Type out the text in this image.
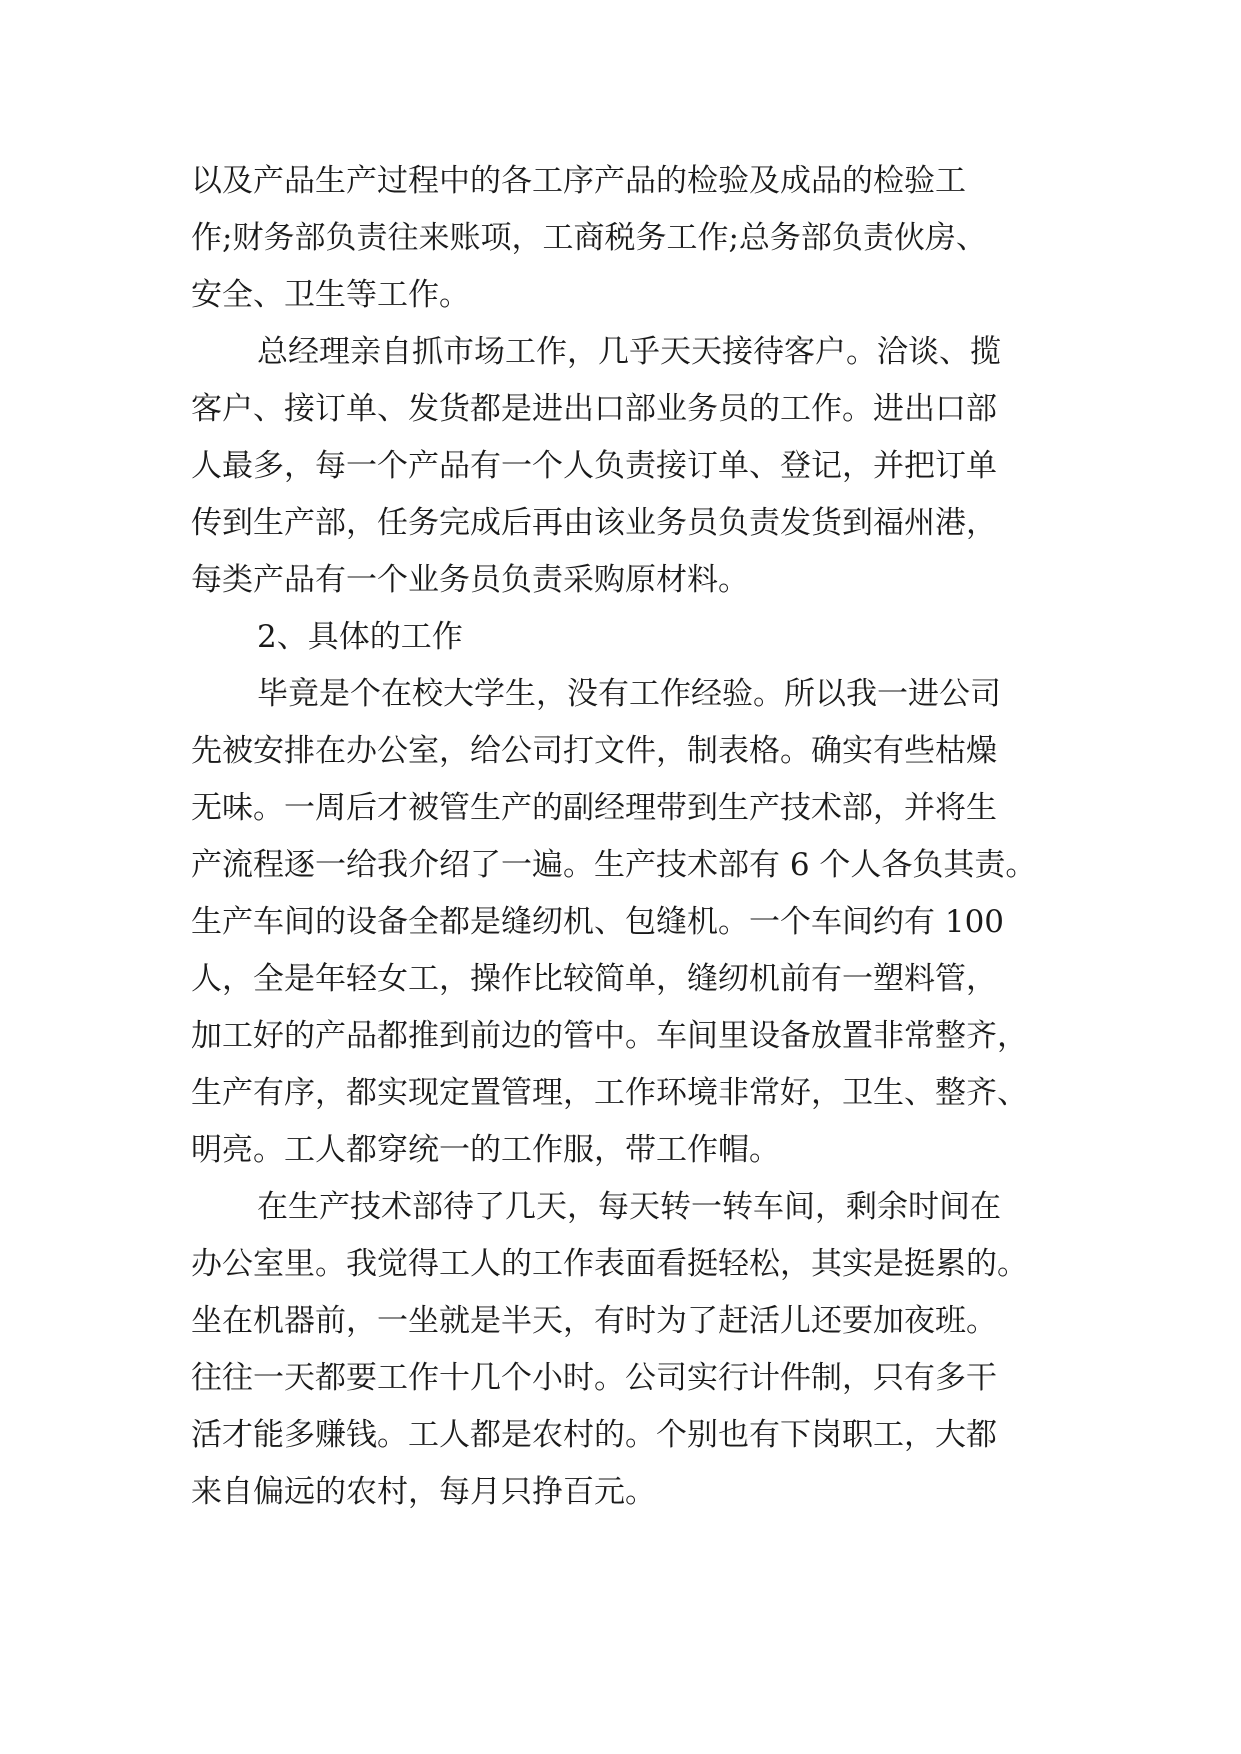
以及产品生产过程中的各工序产品的检验及成品的检验工
作;财务部负责往来账项，工商税务工作;总务部负责伙房、
安全、卫生等工作。
总经理亲自抓市场工作，几乎天天接待客户。洽谈、揽
客户、接订单、发货都是进出口部业务员的工作。进出口部
人最多，每一个产品有一个人负责接订单、登记，并把订单
传到生产部，任务完成后再由该业务员负责发货到福州港，
每类产品有一个业务员负责采购原材料。
2、具体的工作
毕竟是个在校大学生，没有工作经验。所以我一进公司
先被安排在办公室，给公司打文件，制表格。确实有些枯燥
无味。一周后才被管生产的副经理带到生产技术部，并将生
产流程逐一给我介绍了一遍。生产技术部有 6 个人各负其责。
生产车间的设备全都是缝纫机、包缝机。一个车间约有 100
人，全是年轻女工，操作比较简单，缝纫机前有一塑料管，
加工好的产品都推到前边的管中。车间里设备放置非常整齐，
生产有序，都实现定置管理，工作环境非常好，卫生、整齐、
明亮。工人都穿统一的工作服，带工作帽。
在生产技术部待了几天，每天转一转车间，剩余时间在
办公室里。我觉得工人的工作表面看挺轻松，其实是挺累的。
坐在机器前，一坐就是半天，有时为了赶活儿还要加夜班。
往往一天都要工作十几个小时。公司实行计件制，只有多干
活才能多赚钱。工人都是农村的。个别也有下岗职工，大都
来自偏远的农村，每月只挣百元。
